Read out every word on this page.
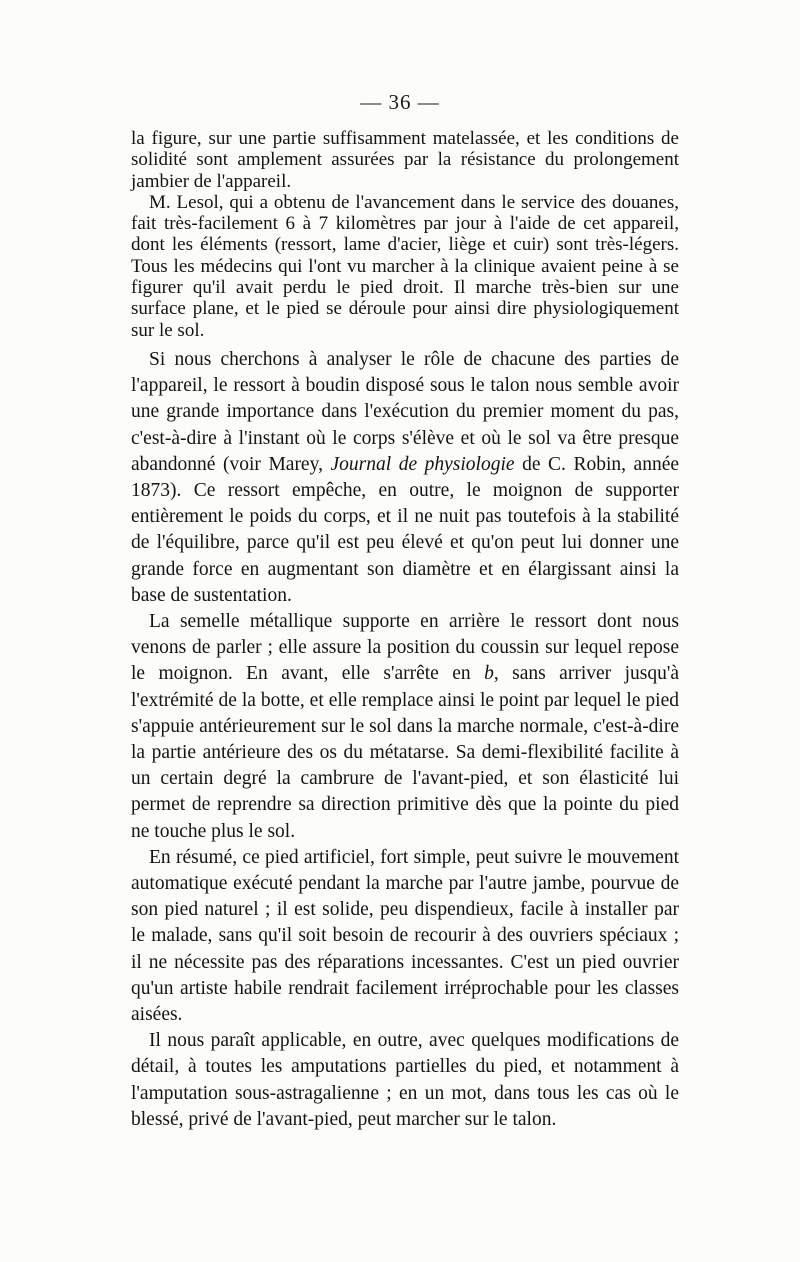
— 36 —

la figure, sur une partie suffisamment matelassée, et les conditions de solidité sont amplement assurées par la résistance du prolongement jambier de l'appareil.

M. Lesol, qui a obtenu de l'avancement dans le service des douanes, fait très-facilement 6 à 7 kilomètres par jour à l'aide de cet appareil, dont les éléments (ressort, lame d'acier, liège et cuir) sont très-légers. Tous les médecins qui l'ont vu marcher à la clinique avaient peine à se figurer qu'il avait perdu le pied droit. Il marche très-bien sur une surface plane, et le pied se déroule pour ainsi dire physiologiquement sur le sol.

Si nous cherchons à analyser le rôle de chacune des parties de l'appareil, le ressort à boudin disposé sous le talon nous semble avoir une grande importance dans l'exécution du premier moment du pas, c'est-à-dire à l'instant où le corps s'élève et où le sol va être presque abandonné (voir Marey, Journal de physiologie de C. Robin, année 1873). Ce ressort empêche, en outre, le moignon de supporter entièrement le poids du corps, et il ne nuit pas toutefois à la stabilité de l'équilibre, parce qu'il est peu élevé et qu'on peut lui donner une grande force en augmentant son diamètre et en élargissant ainsi la base de sustentation.

La semelle métallique supporte en arrière le ressort dont nous venons de parler ; elle assure la position du coussin sur lequel repose le moignon. En avant, elle s'arrête en b, sans arriver jusqu'à l'extrémité de la botte, et elle remplace ainsi le point par lequel le pied s'appuie antérieurement sur le sol dans la marche normale, c'est-à-dire la partie antérieure des os du métatarse. Sa demi-flexibilité facilite à un certain degré la cambrure de l'avant-pied, et son élasticité lui permet de reprendre sa direction primitive dès que la pointe du pied ne touche plus le sol.

En résumé, ce pied artificiel, fort simple, peut suivre le mouvement automatique exécuté pendant la marche par l'autre jambe, pourvue de son pied naturel ; il est solide, peu dispendieux, facile à installer par le malade, sans qu'il soit besoin de recourir à des ouvriers spéciaux ; il ne nécessite pas des réparations incessantes. C'est un pied ouvrier qu'un artiste habile rendrait facilement irréprochable pour les classes aisées.

Il nous paraît applicable, en outre, avec quelques modifications de détail, à toutes les amputations partielles du pied, et notamment à l'amputation sous-astragalienne ; en un mot, dans tous les cas où le blessé, privé de l'avant-pied, peut marcher sur le talon.
